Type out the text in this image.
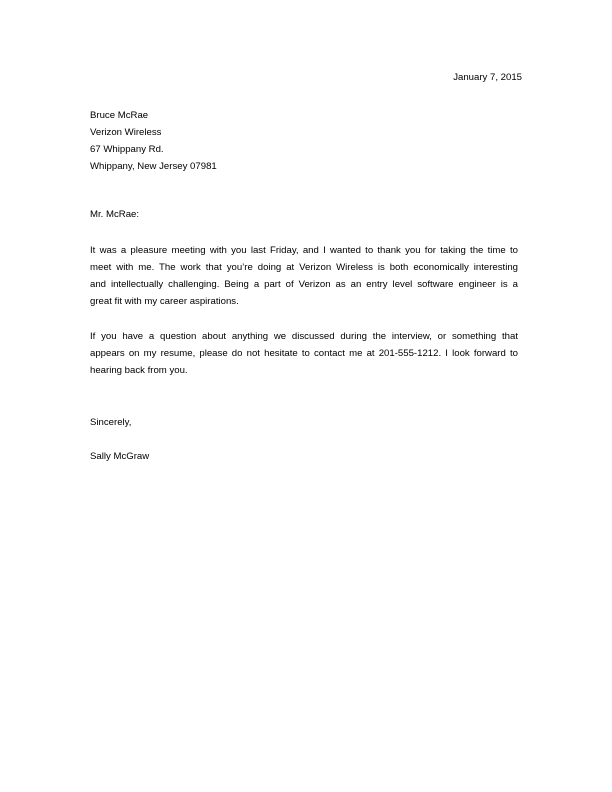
January 7, 2015
Bruce McRae
Verizon Wireless
67 Whippany Rd.
Whippany, New Jersey 07981
Mr. McRae:
It was a pleasure meeting with you last Friday, and I wanted to thank you for taking the time to
meet with me. The work that you’re doing at Verizon Wireless is both economically interesting
and intellectually challenging. Being a part of Verizon as an entry level software engineer is a
great fit with my career aspirations.
If you have a question about anything we discussed during the interview, or something that
appears on my resume, please do not hesitate to contact me at 201-555-1212. I look forward to
hearing back from you.
Sincerely,
Sally McGraw
